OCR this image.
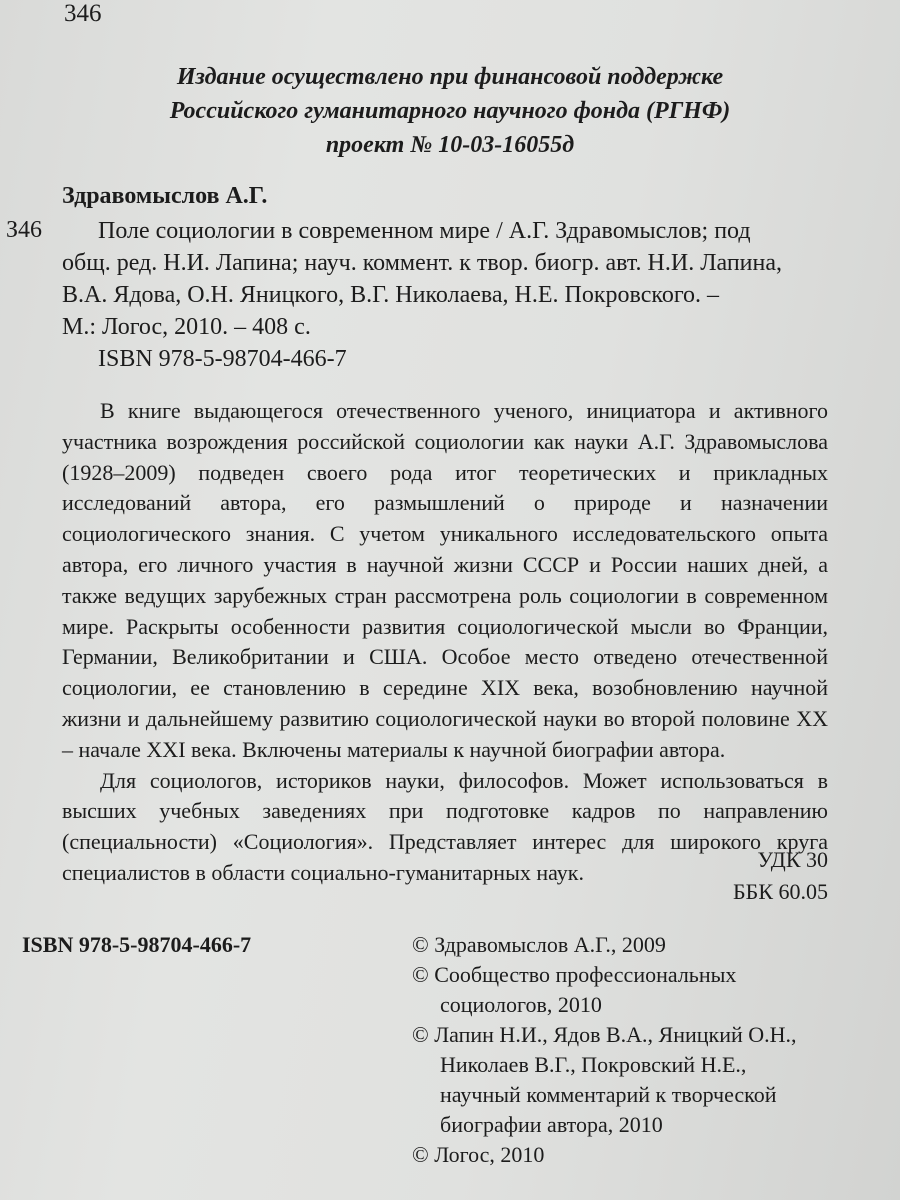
346
Издание осуществлено при финансовой поддержке
Российского гуманитарного научного фонда (РГНФ)
проект № 10-03-16055д
Здравомыслов А.Г.
З46	Поле социологии в современном мире / А.Г. Здравомыслов; под

общ. ред. Н.И. Лапина; науч. коммент. к твор. биогр. авт. Н.И. Лапина,

В.А. Ядова, О.Н. Яницкого, В.Г. Николаева, Н.Е. Покровского. –

М.: Логос, 2010. – 408 с.

ISBN 978-5-98704-466-7

В книге выдающегося отечественного ученого, инициатора и активного участника возрождения российской социологии как науки А.Г. Здравомыслова (1928–2009) подведен своего рода итог теоретических и прикладных исследований автора, его размышлений о природе и назначении социологического знания. С учетом уникального исследовательского опыта автора, его личного участия в научной жизни СССР и России наших дней, а также ведущих зарубежных стран рассмотрена роль социологии в современном мире. Раскрыты особенности развития социологической мысли во Франции, Германии, Великобритании и США. Особое место отведено отечественной социологии, ее становлению в середине XIX века, возобновлению научной жизни и дальнейшему развитию социологической науки во второй половине XX – начале XXI века. Включены материалы к научной биографии автора.

Для социологов, историков науки, философов. Может использоваться в высших учебных заведениях при подготовке кадров по направлению (специальности) «Социология». Представляет интерес для широкого круга специалистов в области социально-гуманитарных наук.

УДК 30
ББК 60.05
ISBN 978-5-98704-466-7	© Здравомыслов А.Г., 2009
© Сообщество профессиональных
социологов, 2010
© Лапин Н.И., Ядов В.А., Яницкий О.Н.,
Николаев В.Г., Покровский Н.Е.,
научный комментарий к творческой
биографии автора, 2010
© Логос, 2010
